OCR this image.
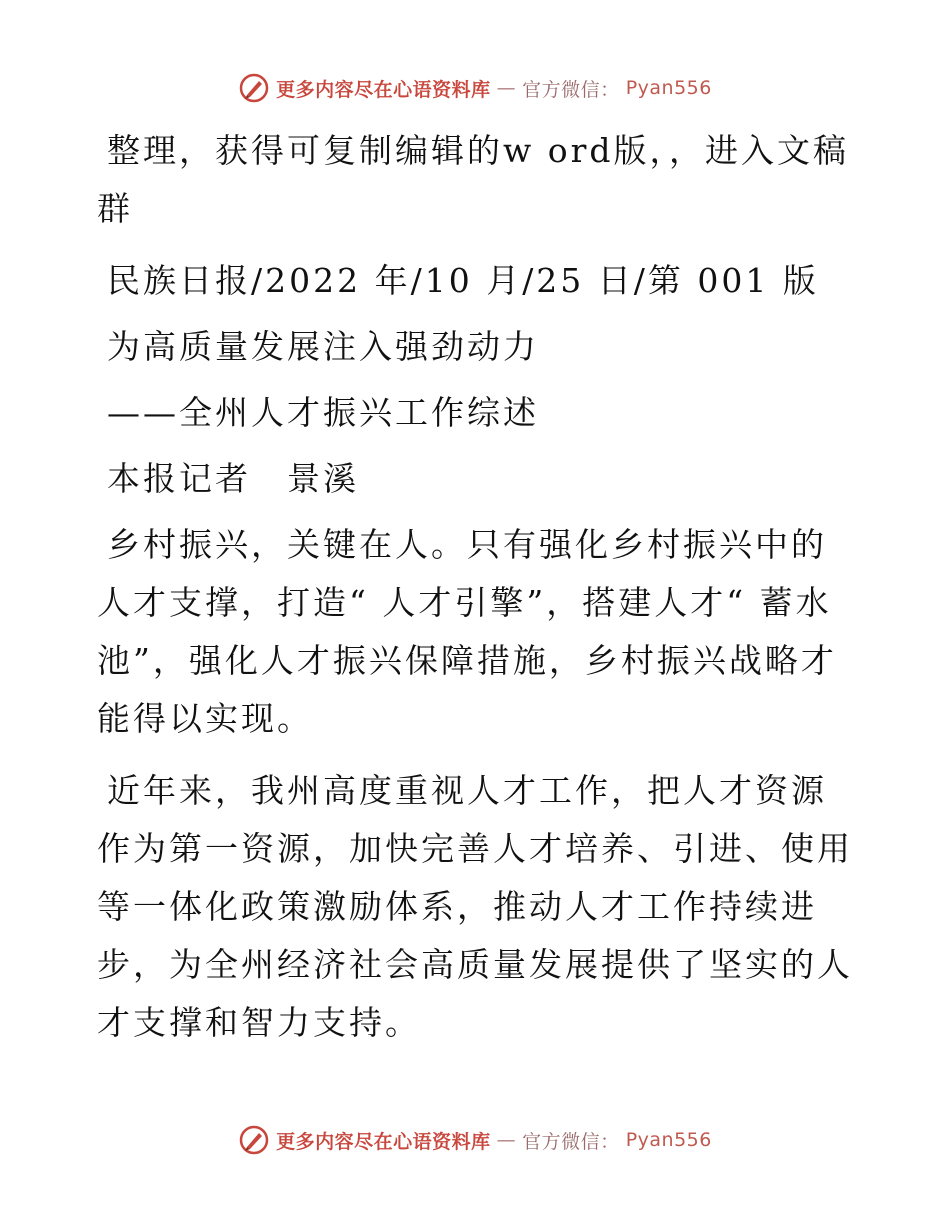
更多内容尽在心语资料库 — 官方微信： Pyan556

整理，获得可复制编辑的w ord版，，进入文稿群

民族日报/2022 年/10 月/25 日/第 001 版

为高质量发展注入强劲动力

——全州人才振兴工作综述

本报记者　景溪

乡村振兴，关键在人。只有强化乡村振兴中的人才支撑，打造“ 人才引擎”，搭建人才“ 蓄水池”，强化人才振兴保障措施，乡村振兴战略才能得以实现。

近年来，我州高度重视人才工作，把人才资源作为第一资源，加快完善人才培养、引进、使用等一体化政策激励体系，推动人才工作持续进步，为全州经济社会高质量发展提供了坚实的人才支撑和智力支持。

更多内容尽在心语资料库 — 官方微信： Pyan556
